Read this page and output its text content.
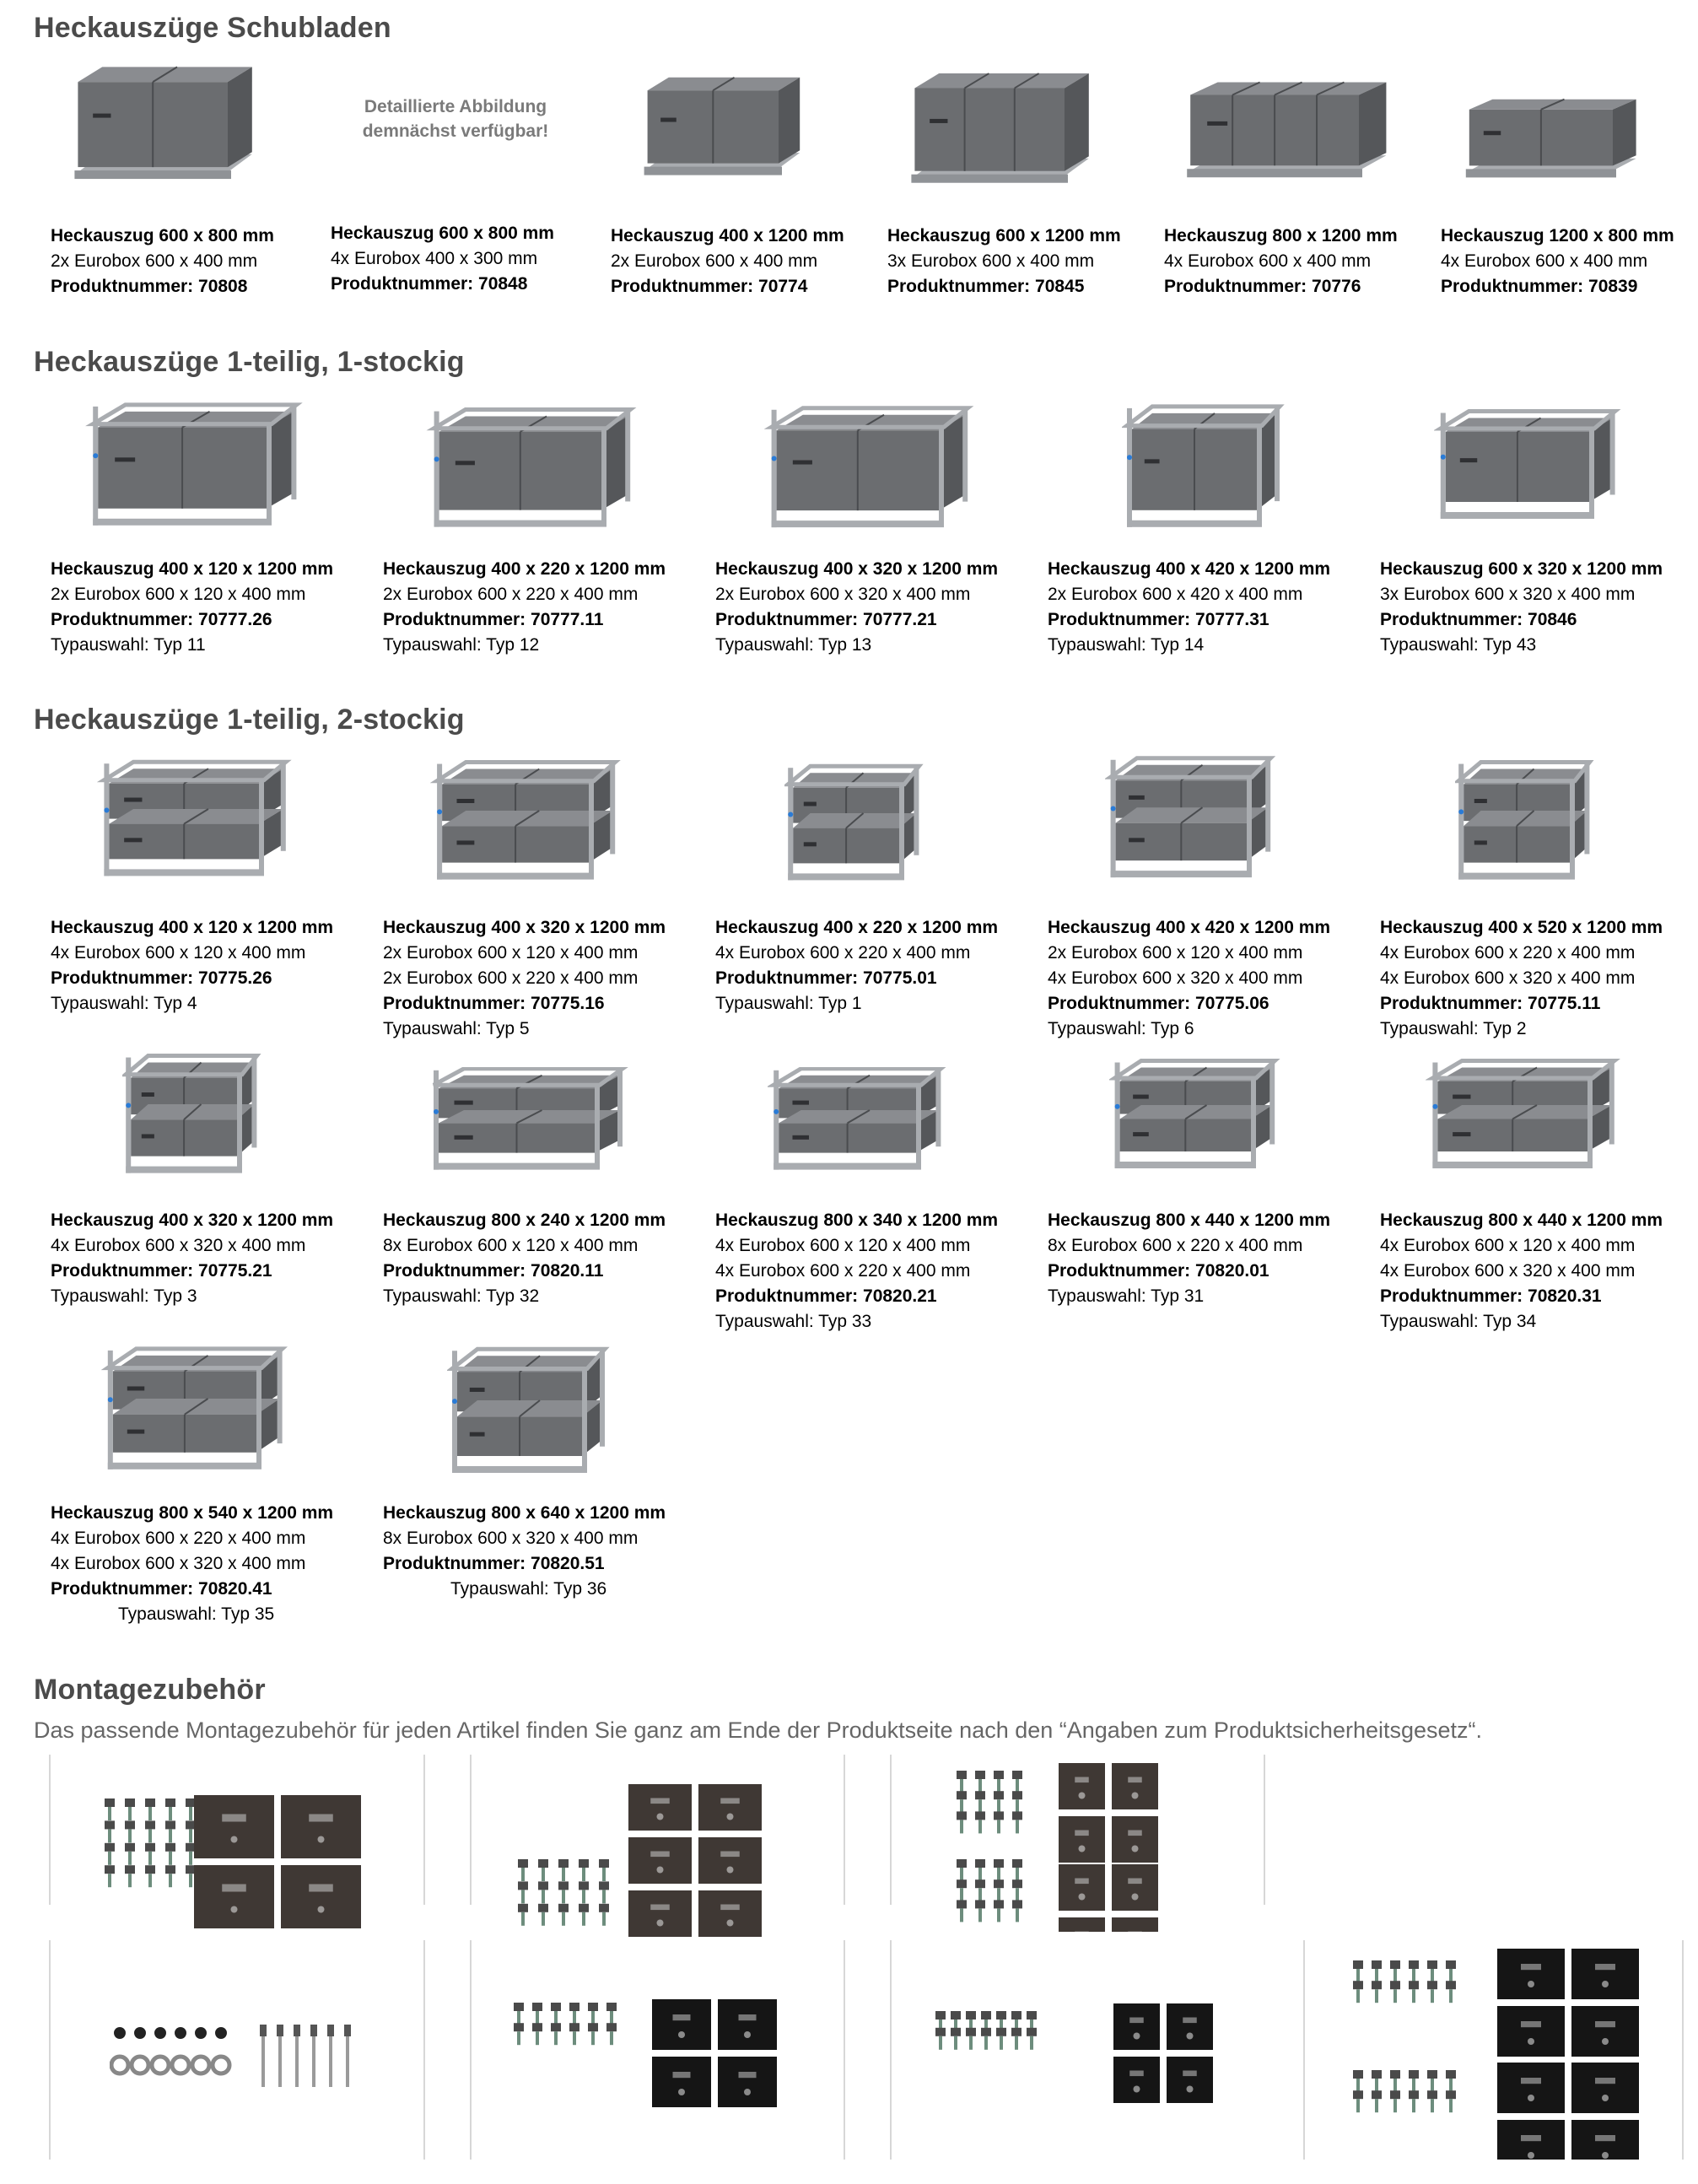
Heckauszüge Schubladen
Heckauszüge 1-teilig, 1-stockig
Heckauszüge 1-teilig, 2-stockig
Montagezubehör

Das passende Montagezubehör für jeden Artikel finden Sie ganz am Ende der Produktseite nach den “Angaben zum Produktsicherheitsgesetz“.

Detaillierte Abbildung
demnächst verfügbar!
Heckauszug 600 x 800 mm
2x Eurobox 600 x 400 mm
Produktnummer: 70808
Heckauszug 600 x 800 mm
4x Eurobox 400 x 300 mm
Produktnummer: 70848
Heckauszug 400 x 1200 mm
2x Eurobox 600 x 400 mm
Produktnummer: 70774
Heckauszug 600 x 1200 mm
3x Eurobox 600 x 400 mm
Produktnummer: 70845
Heckauszug 800 x 1200 mm
4x Eurobox 600 x 400 mm
Produktnummer: 70776
Heckauszug 1200 x 800 mm
4x Eurobox 600 x 400 mm
Produktnummer: 70839
Heckauszug 400 x 120 x 1200 mm
2x Eurobox 600 x 120 x 400 mm
Produktnummer: 70777.26
Typauswahl: Typ 11
Heckauszug 400 x 220 x 1200 mm
2x Eurobox 600 x 220 x 400 mm
Produktnummer: 70777.11
Typauswahl: Typ 12
Heckauszug 400 x 320 x 1200 mm
2x Eurobox 600 x 320 x 400 mm
Produktnummer: 70777.21
Typauswahl: Typ 13
Heckauszug 400 x 420 x 1200 mm
2x Eurobox 600 x 420 x 400 mm
Produktnummer: 70777.31
Typauswahl: Typ 14
Heckauszug 600 x 320 x 1200 mm
3x Eurobox 600 x 320 x 400 mm
Produktnummer: 70846
Typauswahl: Typ 43
Heckauszug 400 x 120 x 1200 mm
4x Eurobox 600 x 120 x 400 mm
Produktnummer: 70775.26
Typauswahl: Typ 4
Heckauszug 400 x 320 x 1200 mm
2x Eurobox 600 x 120 x 400 mm
2x Eurobox 600 x 220 x 400 mm
Produktnummer: 70775.16
Typauswahl: Typ 5
Heckauszug 400 x 220 x 1200 mm
4x Eurobox 600 x 220 x 400 mm
Produktnummer: 70775.01
Typauswahl: Typ 1
Heckauszug 400 x 420 x 1200 mm
2x Eurobox 600 x 120 x 400 mm
4x Eurobox 600 x 320 x 400 mm
Produktnummer: 70775.06
Typauswahl: Typ 6
Heckauszug 400 x 520 x 1200 mm
4x Eurobox 600 x 220 x 400 mm
4x Eurobox 600 x 320 x 400 mm
Produktnummer: 70775.11
Typauswahl: Typ 2
Heckauszug 400 x 320 x 1200 mm
4x Eurobox 600 x 320 x 400 mm
Produktnummer: 70775.21
Typauswahl: Typ 3
Heckauszug 800 x 240 x 1200 mm
8x Eurobox 600 x 120 x 400 mm
Produktnummer: 70820.11
Typauswahl: Typ 32
Heckauszug 800 x 340 x 1200 mm
4x Eurobox 600 x 120 x 400 mm
4x Eurobox 600 x 220 x 400 mm
Produktnummer: 70820.21
Typauswahl: Typ 33
Heckauszug 800 x 440 x 1200 mm
8x Eurobox 600 x 220 x 400 mm
Produktnummer: 70820.01
Typauswahl: Typ 31
Heckauszug 800 x 440 x 1200 mm
4x Eurobox 600 x 120 x 400 mm
4x Eurobox 600 x 320 x 400 mm
Produktnummer: 70820.31
Typauswahl: Typ 34
Heckauszug 800 x 540 x 1200 mm
4x Eurobox 600 x 220 x 400 mm
4x Eurobox 600 x 320 x 400 mm
Produktnummer: 70820.41
Typauswahl: Typ 35
Heckauszug 800 x 640 x 1200 mm
8x Eurobox 600 x 320 x 400 mm
Produktnummer: 70820.51
Typauswahl: Typ 36
